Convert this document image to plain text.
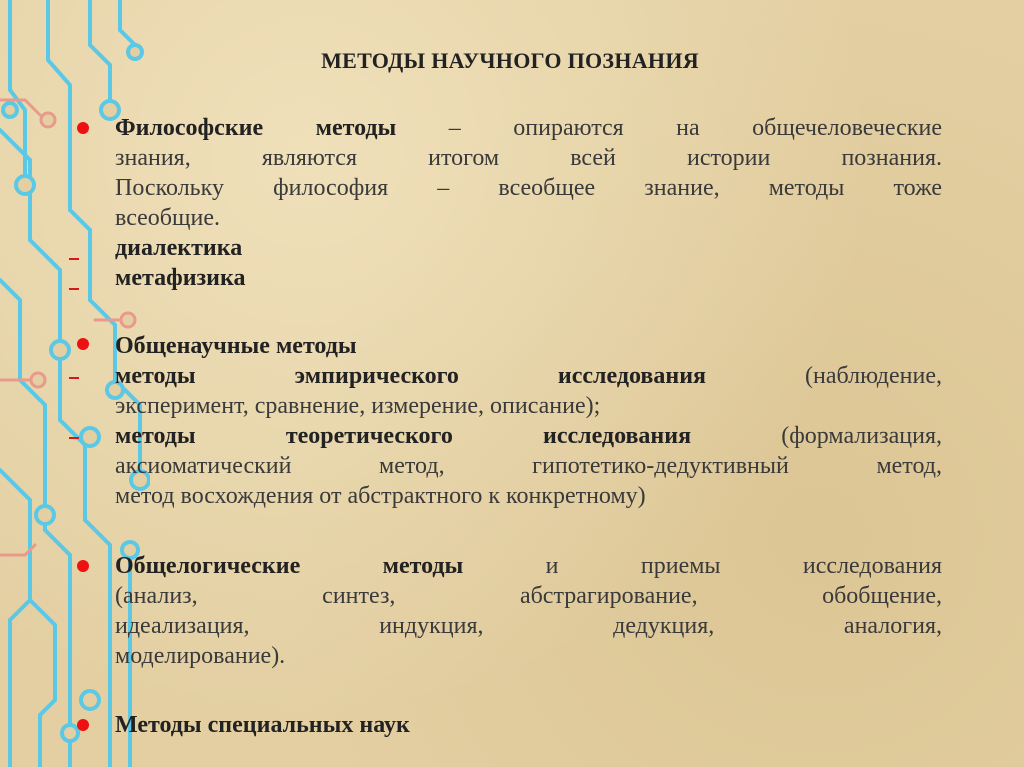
МЕТОДЫ НАУЧНОГО ПОЗНАНИЯ
Философские методы – опираются на общечеловеческие
знания, являются итогом всей истории познания.
Поскольку философия – всеобщее знание, методы тоже
всеобщие.
диалектика
метафизика
Общенаучные методы
методы эмпирического исследования (наблюдение,
эксперимент, сравнение, измерение, описание);
методы теоретического исследования (формализация,
аксиоматический метод, гипотетико-дедуктивный метод,
метод восхождения от абстрактного к конкретному)
Общелогические методы и приемы исследования
(анализ, синтез, абстрагирование, обобщение,
идеализация, индукция, дедукция, аналогия,
моделирование).
Методы специальных наук
